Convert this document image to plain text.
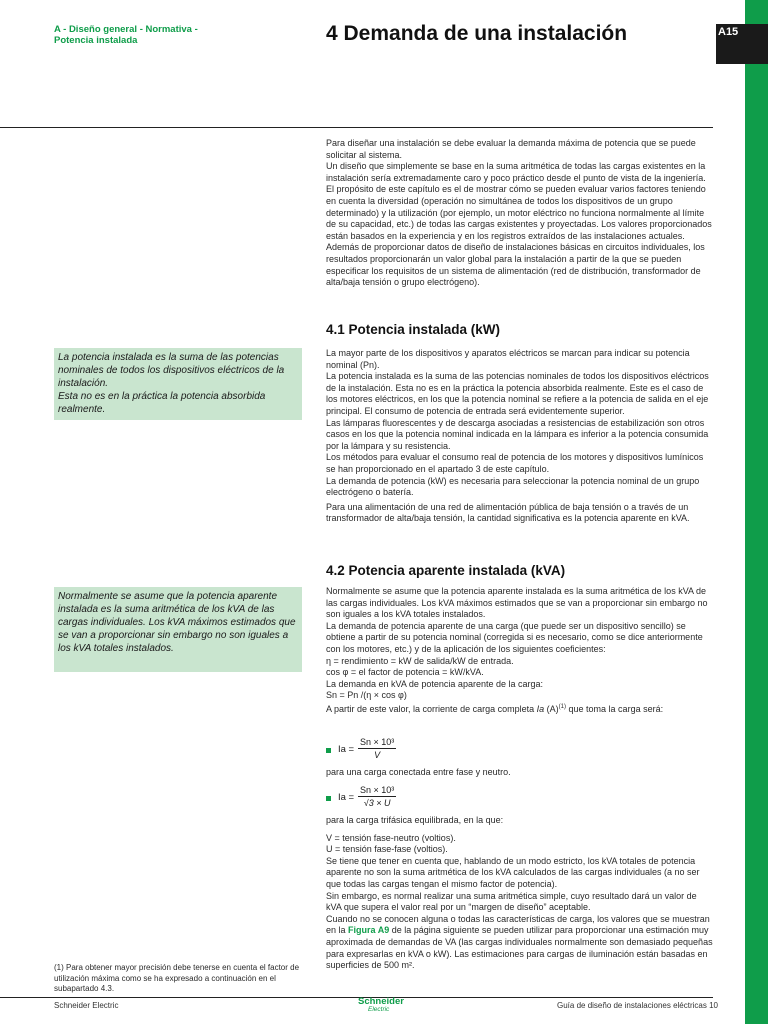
A15
A - Diseño general - Normativa -
Potencia instalada	4 Demanda de una instalación

Para diseñar una instalación se debe evaluar la demanda máxima de potencia que se puede solicitar al sistema.

Un diseño que simplemente se base en la suma aritmética de todas las cargas existentes en la instalación sería extremadamente caro y poco práctico desde el punto de vista de la ingeniería.

El propósito de este capítulo es el de mostrar cómo se pueden evaluar varios factores teniendo en cuenta la diversidad (operación no simultánea de todos los dispositivos de un grupo determinado) y la utilización (por ejemplo, un motor eléctrico no funciona normalmente al límite de su capacidad, etc.) de todas las cargas existentes y proyectadas. Los valores proporcionados están basados en la experiencia y en los registros extraídos de las instalaciones actuales. Además de proporcionar datos de diseño de instalaciones básicas en circuitos individuales, los resultados proporcionarán un valor global para la instalación a partir de la que se pueden especificar los requisitos de un sistema de alimentación (red de distribución, transformador de alta/baja tensión o grupo electrógeno).

4.1 Potencia instalada (kW)

La potencia instalada es la suma de las potencias nominales de todos los dispositivos eléctricos de la instalación.

Esta no es en la práctica la potencia absorbida realmente.

La mayor parte de los dispositivos y aparatos eléctricos se marcan para indicar su potencia nominal (Pn).

La potencia instalada es la suma de las potencias nominales de todos los dispositivos eléctricos de la instalación. Esta no es en la práctica la potencia absorbida realmente. Este es el caso de los motores eléctricos, en los que la potencia nominal se refiere a la potencia de salida en el eje principal. El consumo de potencia de entrada será evidentemente superior.

Las lámparas fluorescentes y de descarga asociadas a resistencias de estabilización son otros casos en los que la potencia nominal indicada en la lámpara es inferior a la potencia consumida por la lámpara y su resistencia.

Los métodos para evaluar el consumo real de potencia de los motores y dispositivos lumínicos se han proporcionado en el apartado 3 de este capítulo.

La demanda de potencia (kW) es necesaria para seleccionar la potencia nominal de un grupo electrógeno o batería.

Para una alimentación de una red de alimentación pública de baja tensión o a través de un transformador de alta/baja tensión, la cantidad significativa es la potencia aparente en kVA.

4.2 Potencia aparente instalada (kVA)

Normalmente se asume que la potencia aparente instalada es la suma aritmética de los kVA de las cargas individuales. Los kVA máximos estimados que se van a proporcionar sin embargo no son iguales a los kVA totales instalados.

Normalmente se asume que la potencia aparente instalada es la suma aritmética de los kVA de las cargas individuales. Los kVA máximos estimados que se van a proporcionar sin embargo no son iguales a los kVA totales instalados.

La demanda de potencia aparente de una carga (que puede ser un dispositivo sencillo) se obtiene a partir de su potencia nominal (corregida si es necesario, como se dice anteriormente con los motores, etc.) y de la aplicación de los siguientes coeficientes:

η = rendimiento = kW de salida/kW de entrada.

cos φ = el factor de potencia = kW/kVA.

La demanda en kVA de potencia aparente de la carga:

Sn = Pn /(η × cos φ)

A partir de este valor, la corriente de carga completa Ia $(A)^{(1)}$ que toma la carga será:

$Ia = \frac{\text{Sn × 10³}}{V}$
para una carga conectada entre fase y neutro.
$Ia = \frac{\text{Sn × 10³}}{√3 \times U}$

para la carga trifásica equilibrada, en la que:

V = tensión fase-neutro (voltios).

U = tensión fase-fase (voltios).

Se tiene que tener en cuenta que, hablando de un modo estricto, los kVA totales de potencia aparente no son la suma aritmética de los kVA calculados de las cargas individuales (a no ser que todas las cargas tengan el mismo factor de potencia).

Sin embargo, es normal realizar una suma aritmética simple, cuyo resultado dará un valor de kVA que supera el valor real por un “margen de diseño” aceptable.

Cuando no se conocen alguna o todas las características de carga, los valores que se muestran en la Figura A9 de la página siguiente se pueden utilizar para proporcionar una estimación muy aproximada de demandas de VA (las cargas individuales normalmente son demasiado pequeñas para expresarlas en kVA o kW). Las estimaciones para cargas de iluminación están basadas en superficies de 500 m².

(1) Para obtener mayor precisión debe tenerse en cuenta el factor de utilización máxima como se ha expresado a continuación en el subapartado 4.3.
Schneider Electric	Schneider
Electric	Guía de diseño de instalaciones eléctricas 10
